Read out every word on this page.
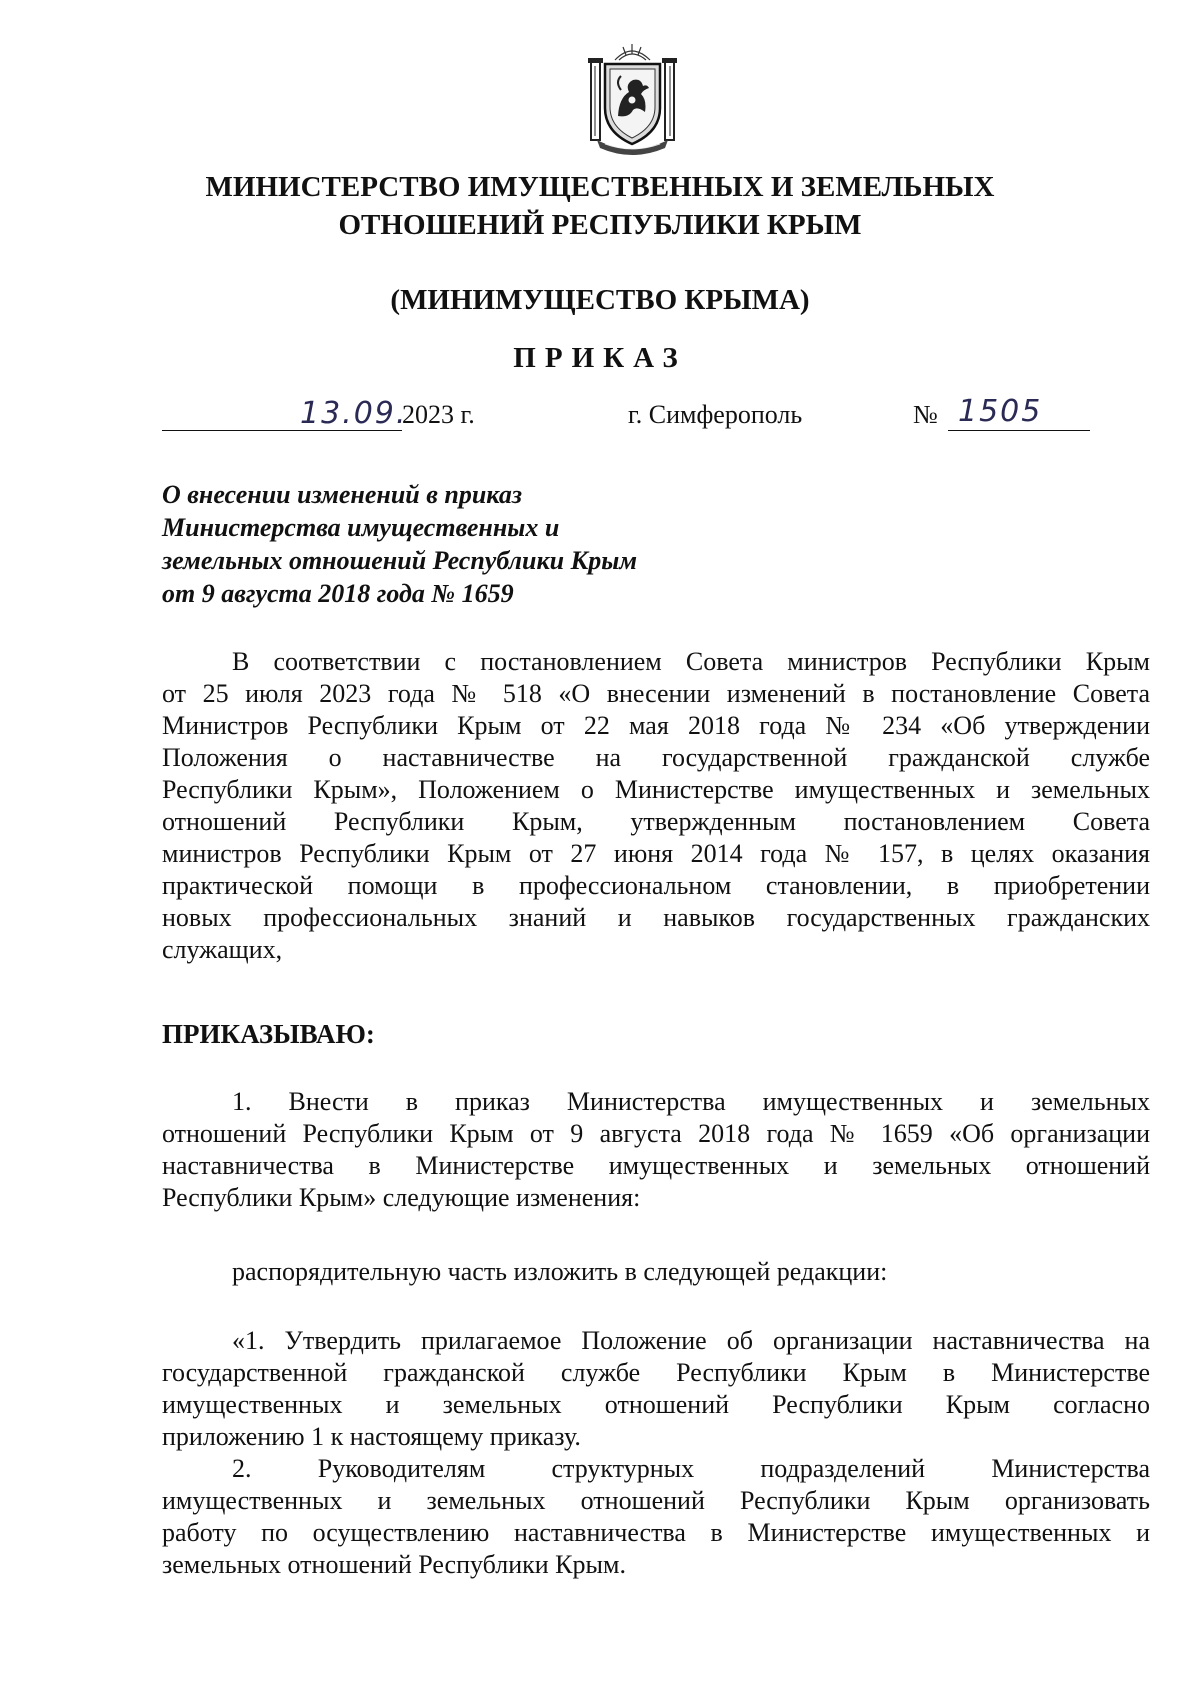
МИНИСТЕРСТВО ИМУЩЕСТВЕННЫХ И ЗЕМЕЛЬНЫХ
ОТНОШЕНИЙ РЕСПУБЛИКИ КРЫМ
(МИНИМУЩЕСТВО КРЫМА)
ПРИКАЗ
13.09.
2023 г.	г. Симферополь	№ 1505
О внесении изменений в приказ
Министерства имущественных и
земельных отношений Республики Крым
от 9 августа 2018 года № 1659
В соответствии с постановлением Совета министров Республики Крым
от 25 июля 2023 года № 518 «О внесении изменений в постановление Совета
Министров Республики Крым от 22 мая 2018 года № 234 «Об утверждении
Положения о наставничестве на государственной гражданской службе
Республики Крым», Положением о Министерстве имущественных и земельных
отношений Республики Крым, утвержденным постановлением Совета
министров Республики Крым от 27 июня 2014 года № 157, в целях оказания
практической помощи в профессиональном становлении, в приобретении
новых профессиональных знаний и навыков государственных гражданских
служащих,
ПРИКАЗЫВАЮ:
1. Внести в приказ Министерства имущественных и земельных
отношений Республики Крым от 9 августа 2018 года № 1659 «Об организации
наставничества в Министерстве имущественных и земельных отношений
Республики Крым» следующие изменения:
распорядительную часть изложить в следующей редакции:
«1. Утвердить прилагаемое Положение об организации наставничества на
государственной гражданской службе Республики Крым в Министерстве
имущественных и земельных отношений Республики Крым согласно
приложению 1 к настоящему приказу.
2. Руководителям структурных подразделений Министерства
имущественных и земельных отношений Республики Крым организовать
работу по осуществлению наставничества в Министерстве имущественных и
земельных отношений Республики Крым.
